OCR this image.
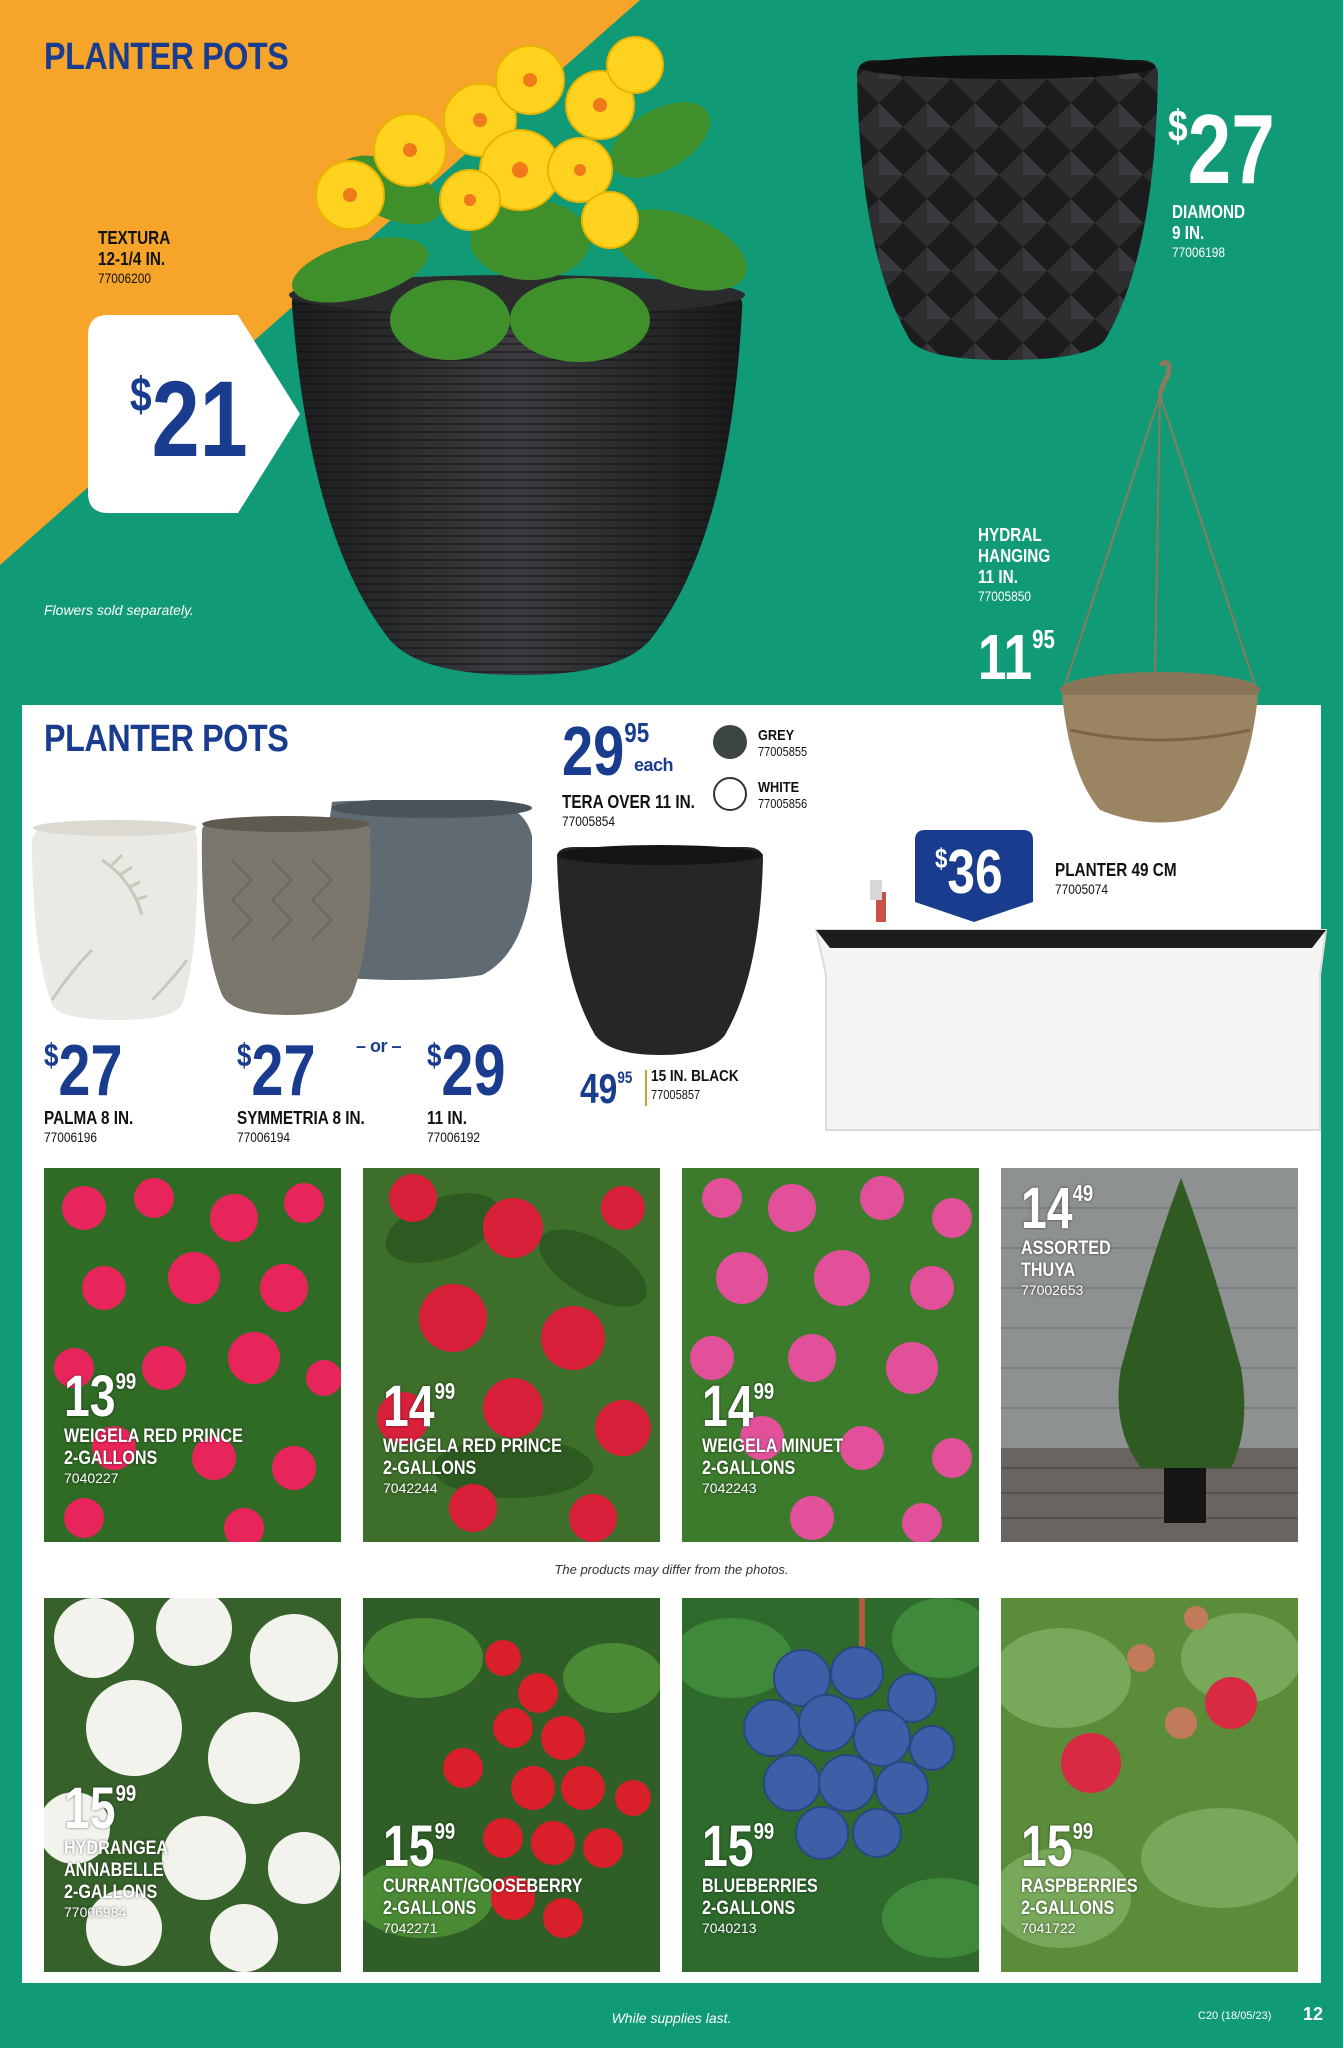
PLANTER POTS
TEXTURA
12-1/4 IN.
77006200
$21
Flowers sold separately.
$27
DIAMOND
9 IN.
77006198
HYDRAL
HANGING
11 IN.
77005850
$11^{95}$
PLANTER POTS	$29^{95}$
each
TERA OVER 11 IN.
77005854
GREY
77005855
WHITE
77005856
$27
PALMA 8 IN.
77006196
$27
SYMMETRIA 8 IN.
77006194
– or – $29
11 IN.
77006192
$49^{95}$ 15 IN. BLACK
77005857
$36	PLANTER 49 CM
77005074
$13^{99}$
WEIGELA RED PRINCE
2-GALLONS
7040227
$14^{99}$
WEIGELA RED PRINCE
2-GALLONS
7042244
$14^{99}$
WEIGELA MINUET
2-GALLONS
7042243
$14^{49}$
ASSORTED
THUYA
77002653
The products may differ from the photos.
$15^{99}$
HYDRANGEA
ANNABELLE
2-GALLONS
77006984
$15^{99}$
CURRANT/GOOSEBERRY
2-GALLONS
7042271
$15^{99}$
BLUEBERRIES
2-GALLONS
7040213
$15^{99}$
RASPBERRIES
2-GALLONS
7041722
While supplies last.	C20 (18/05/23) 12
